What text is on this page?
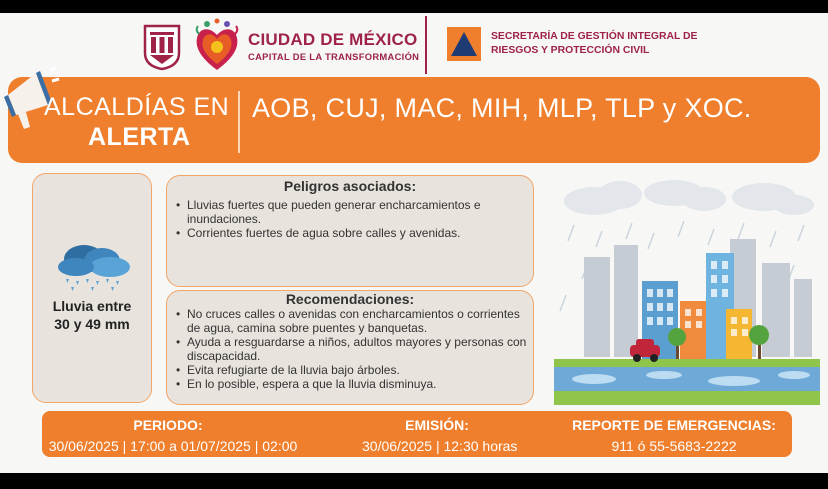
CIUDAD DE MÉXICO
CAPITAL DE LA TRANSFORMACIÓN
SECRETARÍA DE GESTIÓN INTEGRAL DE RIESGOS Y PROTECCIÓN CIVIL
ALCALDÍAS EN
ALERTA
AOB, CUJ, MAC, MIH, MLP, TLP y XOC.
Lluvia entre
30 y 49 mm
Peligros asociados:
• Lluvias fuertes que pueden generar encharcamientos e inundaciones.
• Corrientes fuertes de agua sobre calles y avenidas.
Recomendaciones:
• No cruces calles o avenidas con encharcamientos o corrientes de agua, camina sobre puentes y banquetas.
• Ayuda a resguardarse a niños, adultos mayores y personas con discapacidad.
• Evita refugiarte de la lluvia bajo árboles.
• En lo posible, espera a que la lluvia disminuya.
PERIODO:
30/06/2025 | 17:00 a 01/07/2025 | 02:00
EMISIÓN:
30/06/2025 | 12:30 horas
REPORTE DE EMERGENCIAS:
911 ó 55-5683-2222
